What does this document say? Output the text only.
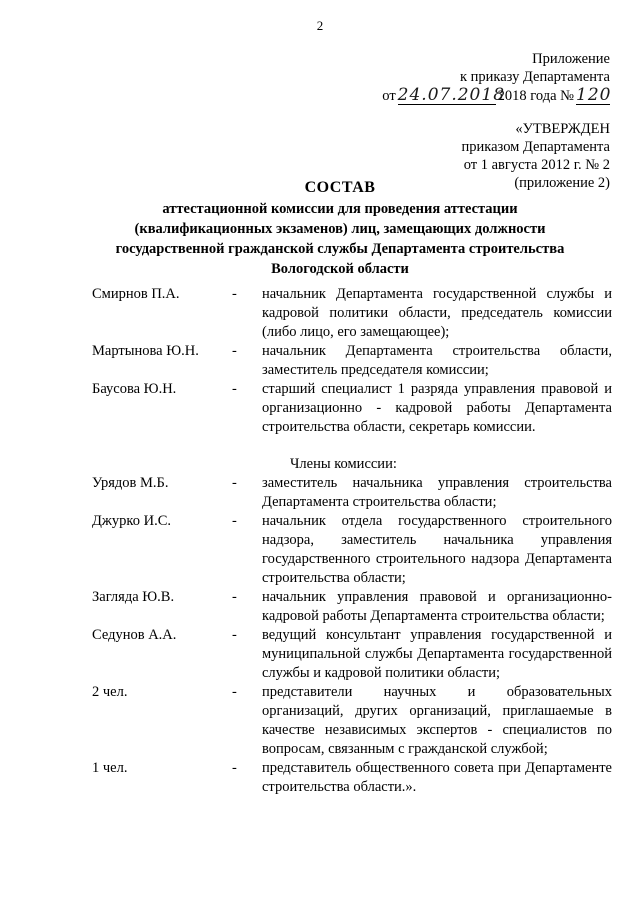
2
Приложение
к приказу Департамента
от 24.07.2018
2018 года № 120
«УТВЕРЖДЕН
приказом Департамента
от 1 августа 2012 г. № 2
(приложение 2)
СОСТАВ
аттестационной комиссии для проведения аттестации
(квалификационных экзаменов) лиц, замещающих должности
государственной гражданской службы Департамента строительства
Вологодской области
Смирнов П.А.	-	начальник Департамента государственной службы и кадровой политики области, председатель комиссии (либо лицо, его замещающее);
Мартынова Ю.Н.	-	начальник Департамента строительства области, заместитель председателя комиссии;
Баусова Ю.Н.	-	старший специалист 1 разряда управления правовой и организационно - кадровой работы Департамента строительства области, секретарь комиссии.
Члены комиссии:
Урядов М.Б.	-	заместитель начальника управления строительства Департамента строительства области;
Джурко И.С.	-	начальник отдела государственного строительного надзора, заместитель начальника управления государственного строительного надзора Департамента строительства области;
Загляда Ю.В.	-	начальник управления правовой и организационно-кадровой работы Департамента строительства области;
Седунов А.А.	-	ведущий консультант управления государственной и муниципальной службы Департамента государственной службы и кадровой политики области;
2 чел.	-	представители научных и образовательных организаций, других организаций, приглашаемые в качестве независимых экспертов - специалистов по вопросам, связанным с гражданской службой;
1 чел.	-	представитель общественного совета при Департаменте строительства области.».
